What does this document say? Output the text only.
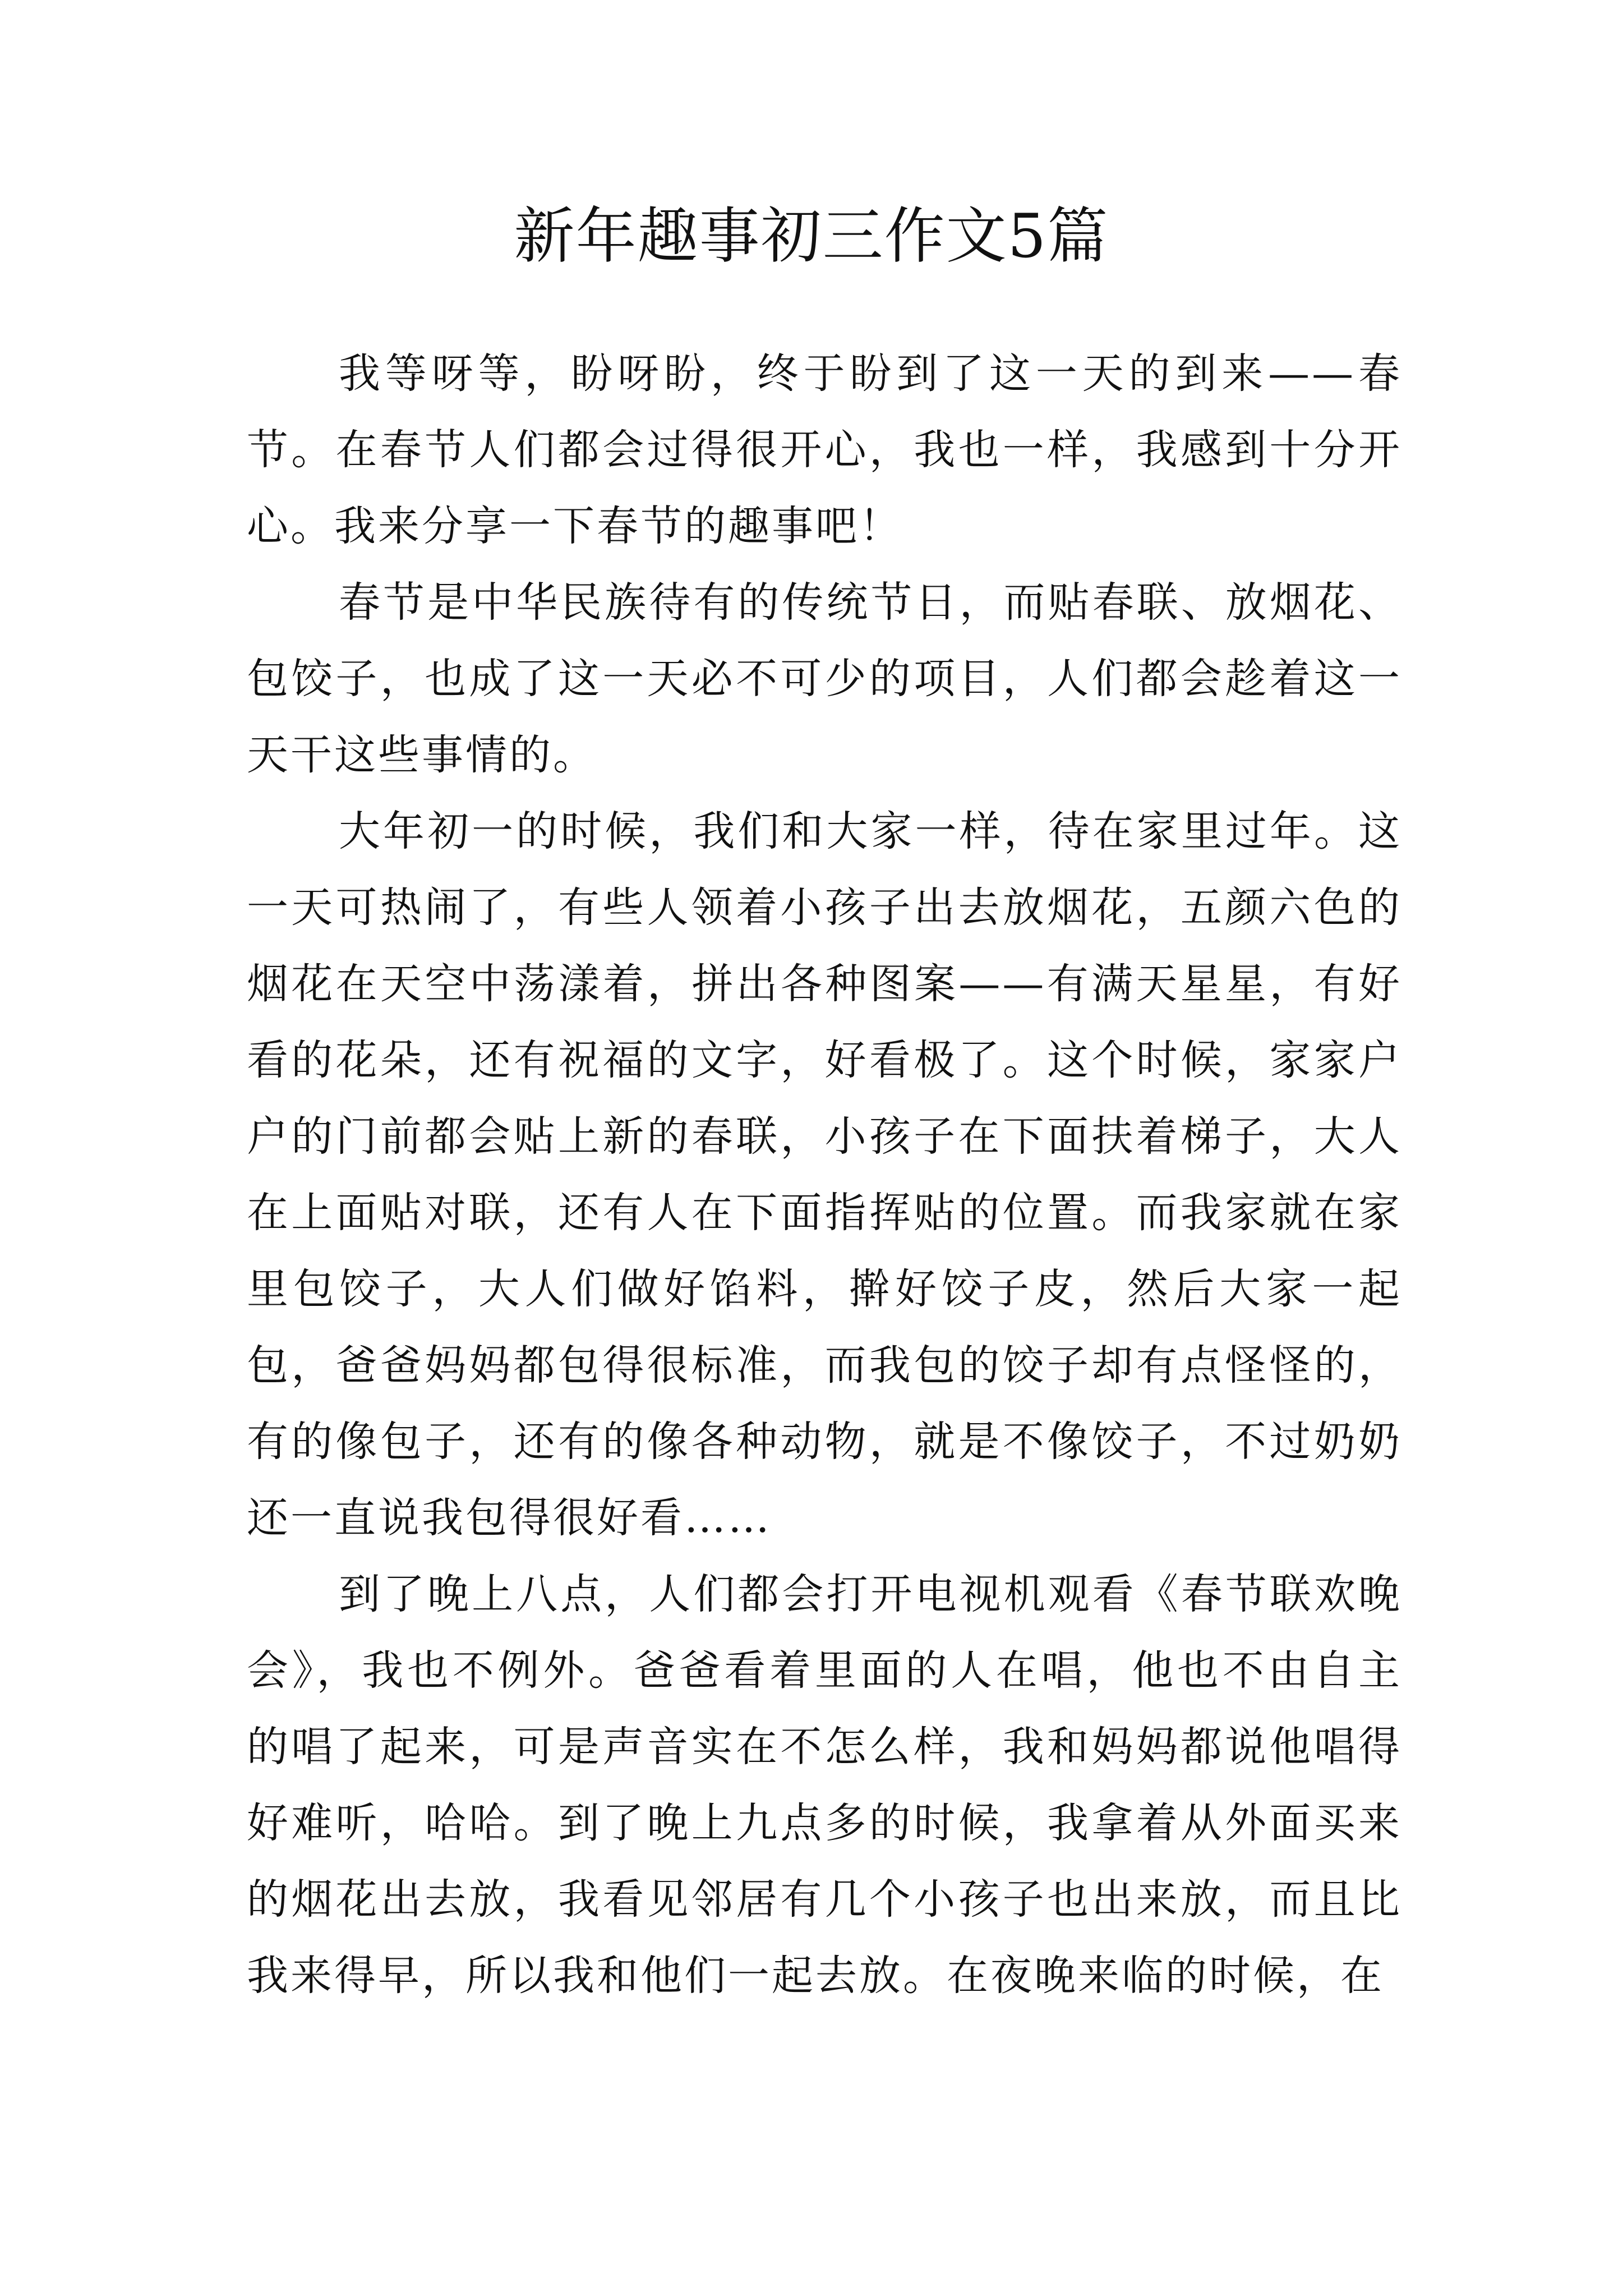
新年趣事初三作文5篇

我等呀等，盼呀盼，终于盼到了这一天的到来——春节。在春节人们都会过得很开心，我也一样，我感到十分开心。我来分享一下春节的趣事吧！

春节是中华民族待有的传统节日，而贴春联、放烟花、包饺子，也成了这一天必不可少的项目，人们都会趁着这一天干这些事情的。

大年初一的时候，我们和大家一样，待在家里过年。这一天可热闹了，有些人领着小孩子出去放烟花，五颜六色的烟花在天空中荡漾着，拼出各种图案——有满天星星，有好看的花朵，还有祝福的文字，好看极了。这个时候，家家户户的门前都会贴上新的春联，小孩子在下面扶着梯子，大人在上面贴对联，还有人在下面指挥贴的位置。而我家就在家里包饺子，大人们做好馅料，擀好饺子皮，然后大家一起包，爸爸妈妈都包得很标准，而我包的饺子却有点怪怪的，有的像包子，还有的像各种动物，就是不像饺子，不过奶奶还一直说我包得很好看……

到了晚上八点，人们都会打开电视机观看《春节联欢晚会》，我也不例外。爸爸看着里面的人在唱，他也不由自主的唱了起来，可是声音实在不怎么样，我和妈妈都说他唱得好难听，哈哈。到了晚上九点多的时候，我拿着从外面买来的烟花出去放，我看见邻居有几个小孩子也出来放，而且比我来得早，所以我和他们一起去放。在夜晚来临的时候，在
